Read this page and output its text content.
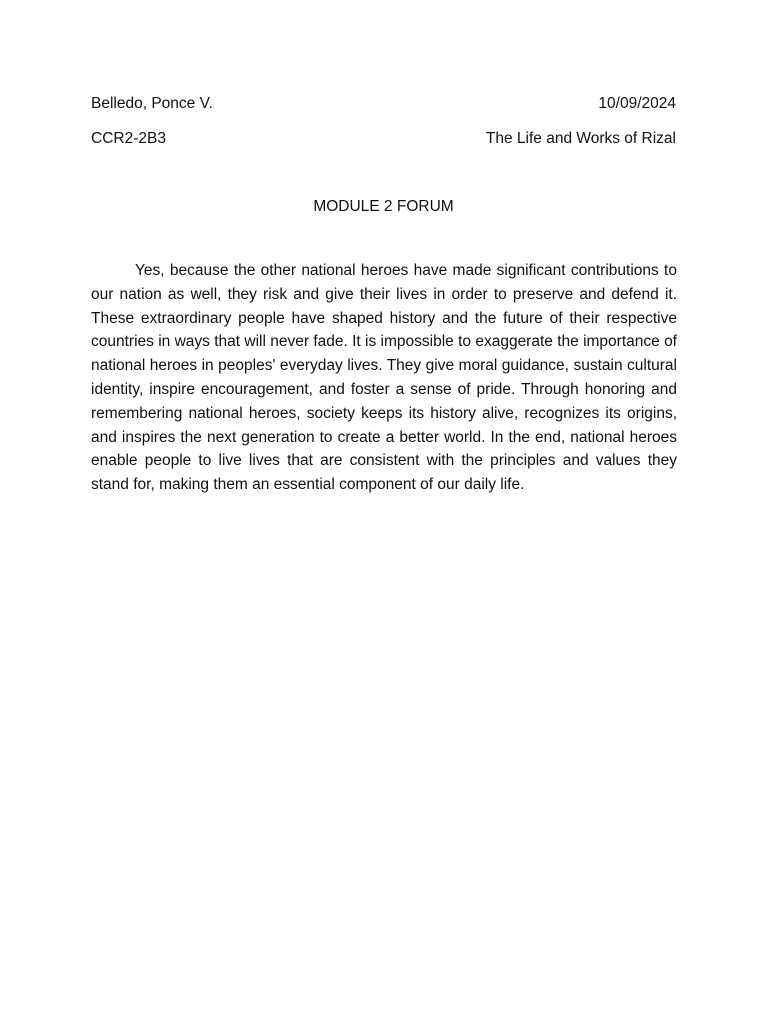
Belledo, Ponce V.	10/09/2024
CCR2-2B3	The Life and Works of Rizal
MODULE 2 FORUM

Yes, because the other national heroes have made significant contributions to our nation as well, they risk and give their lives in order to preserve and defend it. These extraordinary people have shaped history and the future of their respective countries in ways that will never fade. It is impossible to exaggerate the importance of national heroes in peoples' everyday lives. They give moral guidance, sustain cultural identity, inspire encouragement, and foster a sense of pride. Through honoring and remembering national heroes, society keeps its history alive, recognizes its origins, and inspires the next generation to create a better world. In the end, national heroes enable people to live lives that are consistent with the principles and values they stand for, making them an essential component of our daily life.
